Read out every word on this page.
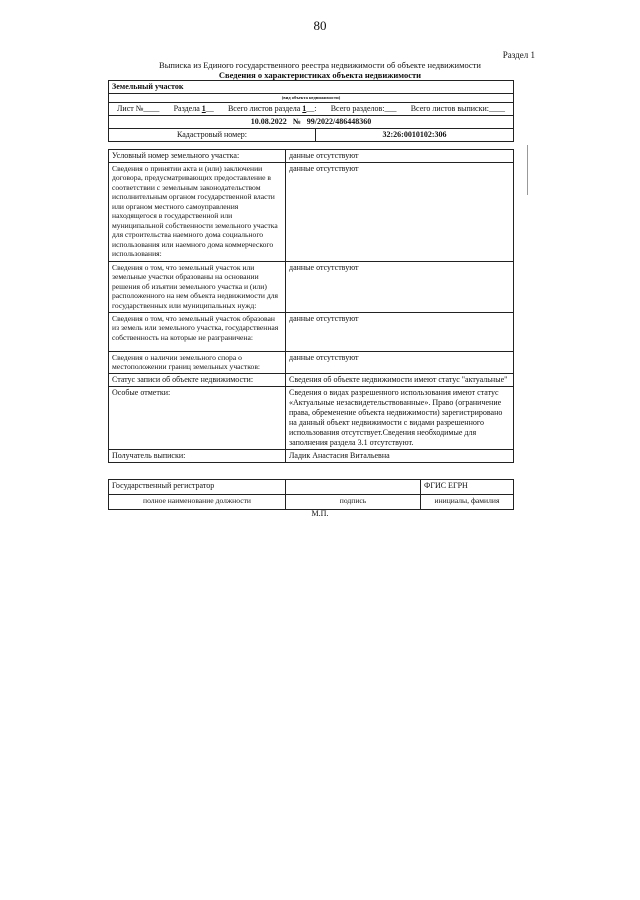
80
Раздел 1
Выписка из Единого государственного реестра недвижимости об объекте недвижимости
Сведения о характеристиках объекта недвижимости
Земельный участок
(вид объекта недвижимости)

Лист №____ Раздела 1__ Всего листов раздела 1__: Всего разделов:___ Всего листов выписки:____

10.08.2022 № 99/2022/486448360
Кадастровый номер:	32:26:0010102:306
Условный номер земельного участка:	данные отсутствуют
Сведения о принятии акта и (или) заключении договора, предусматривающих предоставление в соответствии с земельным законодательством исполнительным органом государственной власти или органом местного самоуправления находящегося в государственной или муниципальной собственности земельного участка для строительства наемного дома социального использования или наемного дома коммерческого использования:	данные отсутствуют
Сведения о том, что земельный участок или земельные участки образованы на основании решения об изъятии земельного участка и (или) расположенного на нем объекта недвижимости для государственных или муниципальных нужд:	данные отсутствуют
Сведения о том, что земельный участок образован из земель или земельного участка, государственная собственность на которые не разграничена:	данные отсутствуют
Сведения о наличии земельного спора о местоположении границ земельных участков:	данные отсутствуют
Статус записи об объекте недвижимости:	Сведения об объекте недвижимости имеют статус "актуальные"
Особые отметки:	Сведения о видах разрешенного использования имеют статус «Актуальные незасвидетельствованные». Право (ограничение права, обременение объекта недвижимости) зарегистрировано на данный объект недвижимости с видами разрешенного использования отсутствует.Сведения необходимые для заполнения раздела 3.1 отсутствуют.
Получатель выписки:	Ладик Анастасия Витальевна
Государственный регистратор		ФГИС ЕГРН
полное наименование должности	подпись	инициалы, фамилия
М.П.
